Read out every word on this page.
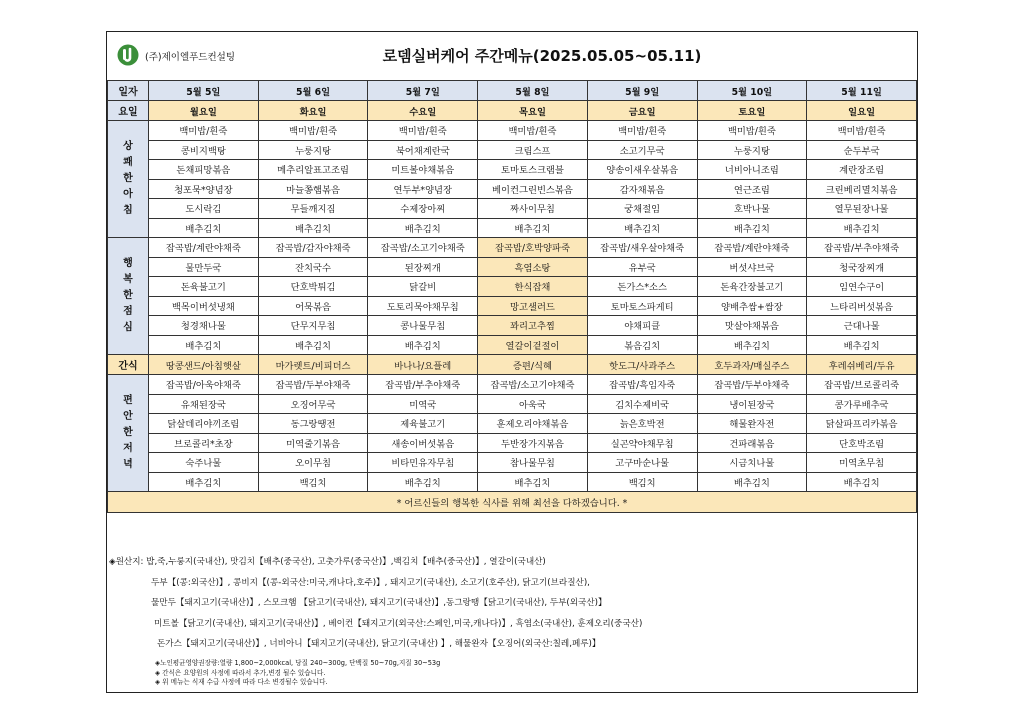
(주)제이엘푸드컨설팅	로뎀실버케어 주간메뉴(2025.05.05~05.11)
일자	5월 5일	5월 6일	5월 7일	5월 8일	5월 9일	5월 10일	5월 11일
요일	월요일	화요일	수요일	목요일	금요일	토요일	일요일

상
쾌
한
아
침	백미밥/흰죽	백미밥/흰죽	백미밥/흰죽	백미밥/흰죽	백미밥/흰죽	백미밥/흰죽	백미밥/흰죽
	콩비지백탕	누룽지탕	북어채계란국	크림스프	소고기무국	누룽지탕	순두부국
	돈채피망볶음	메추리알표고조림	미트볼야채볶음	토마토스크램블	양송이새우살볶음	너비아니조림	계란장조림
	청포묵*양념장	마늘쫑햄볶음	연두부*양념장	베이컨그린빈스볶음	감자채볶음	연근조림	크린베리멸치볶음
	도시락김	무들깨지짐	수제장아찌	짜사이무침	궁채절임	호박나물	열무된장나물
	배추김치	배추김치	배추김치	배추김치	배추김치	배추김치	배추김치

행
복
한
점
심	잡곡밥/계란야채죽	잡곡밥/감자야채죽	잡곡밥/소고기야채죽	잡곡밥/호박양파죽	잡곡밥/새우살야채죽	잡곡밥/계란야채죽	잡곡밥/부추야채죽
	물만두국	잔치국수	된장찌개	흑염소탕	유부국	버섯샤브국	청국장찌개
	돈육불고기	단호박튀김	닭갈비	한식잡채	돈가스*소스	돈육간장불고기	임연수구이
	백목이버섯냉채	어묵볶음	도토리묵야채무침	망고샐러드	토마토스파게티	양배추쌈+쌈장	느타리버섯볶음
	청경채나물	단무지무침	콩나물무침	꽈리고추찜	야채피클	맛살야채볶음	근대나물
	배추김치	배추김치	배추김치	열갈이겉절이	볶음김치	배추김치	배추김치
간식	땅콩샌드/아침햇살	마가렛트/비피더스	바나나/요플레	증편/식혜	핫도그/사과주스	호두과자/매실주스	후레쉬베리/두유

편
안
한
저
녁	잡곡밥/아욱야채죽	잡곡밥/두부야채죽	잡곡밥/부추야채죽	잡곡밥/소고기야채죽	잡곡밥/흑임자죽	잡곡밥/두부야채죽	잡곡밥/브로콜리죽
	유채된장국	오징어무국	미역국	아욱국	김치수제비국	냉이된장국	콩가루배추국
	닭살데리야끼조림	동그랑땡전	제육불고기	훈제오리야채볶음	늙은호박전	해물완자전	닭살파프리카볶음
	브로콜리*초장	미역줄기볶음	새송이버섯볶음	두반장가지볶음	실곤약야채무침	건파래볶음	단호박조림
	숙주나물	오이무침	비타민유자무침	참나물무침	고구마순나물	시금치나물	미역초무침
	배추김치	백김치	배추김치	배추김치	백김치	배추김치	배추김치
* 어르신들의 행복한 식사를 위해 최선을 다하겠습니다. *							
◈원산지: 밥,죽,누룽지(국내산), 맛김치【배추(중국산), 고춧가루(중국산)】,백김치【배추(중국산)】, 열갈이(국내산)
두부【(콩:외국산)】, 콩비지【(콩-외국산:미국,캐나다,호주)】, 돼지고기(국내산), 소고기(호주산), 닭고기(브라질산),
물만두【돼지고기(국내산)】, 스모크햄 【닭고기(국내산), 돼지고기(국내산)】,동그랑땡【닭고기(국내산), 두부(외국산)】
미트볼【닭고기(국내산), 돼지고기(국내산)】, 베이컨【돼지고기(외국산:스페인,미국,캐나다)】, 흑염소(국내산), 훈제오리(중국산)
돈가스【돼지고기(국내산)】, 너비아니【돼지고기(국내산), 닭고기(국내산) 】, 해물완자【오징어(외국산:칠레,페루)】
◈노인평균영양권장량:열량 1,800~2,000kcal, 당질 240~300g, 단백질 50~70g,지질 30~53g
◈ 간식은 요양원의 사정에 따라서 추가,변경 될수 있습니다.
◈ 위 메뉴는 식재 수급 사정에 따라 다소 변경될수 있습니다.
